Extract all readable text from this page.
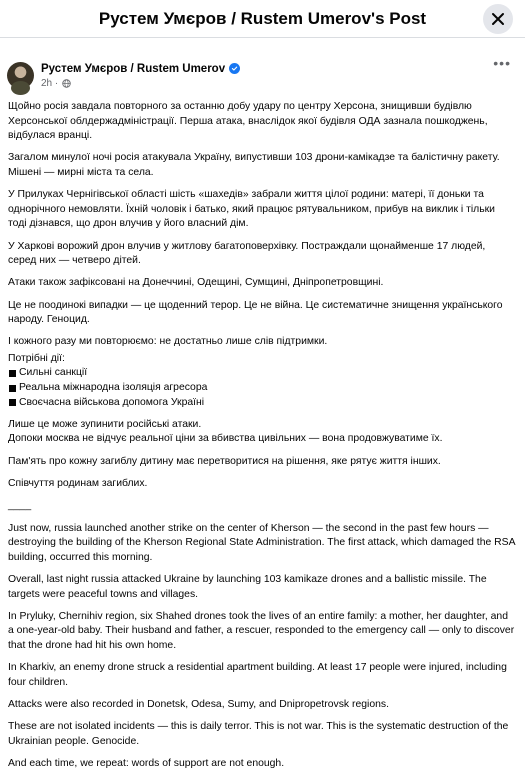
Рустем Умєров / Rustem Umerov's Post
Рустем Умєров / Rustem Umerov
2h ·
•••

Щойно росія завдала повторного за останню добу удару по центру Херсона, знищивши будівлю Херсонської облдержадміністрації. Перша атака, внаслідок якої будівля ОДА зазнала пошкоджень, відбулася вранці.

Загалом минулої ночі росія атакувала Україну, випустивши 103 дрони-камікадзе та балістичну ракету. Мішені — мирні міста та села.

У Прилуках Чернігівської області шість «шахедів» забрали життя цілої родини: матері, її доньки та однорічного немовляти. Їхній чоловік і батько, який працює рятувальником, прибув на виклик і тільки тоді дізнався, що дрон влучив у його власний дім.

У Харкові ворожий дрон влучив у житлову багатоповерхівку. Постраждали щонайменше 17 людей, серед них — четверо дітей.

Атаки також зафіксовані на Донеччині, Одещині, Сумщині, Дніпропетровщині.

Це не поодинокі випадки — це щоденний терор. Це не війна. Це систематичне знищення українського народу. Геноцид.

І кожного разу ми повторюємо: не достатньо лише слів підтримки.

Потрібні дії:

Сильні санкції
Реальна міжнародна ізоляція агресора
Своєчасна військова допомога Україні

Лише це може зупинити російські атаки.
Допоки москва не відчує реальної ціни за вбивства цивільних — вона продовжуватиме їх.

Пам'ять про кожну загиблу дитину має перетворитися на рішення, яке рятує життя інших.

Співчуття родинам загиблих.

____

Just now, russia launched another strike on the center of Kherson — the second in the past few hours — destroying the building of the Kherson Regional State Administration. The first attack, which damaged the RSA building, occurred this morning.

Overall, last night russia attacked Ukraine by launching 103 kamikaze drones and a ballistic missile. The targets were peaceful towns and villages.

In Pryluky, Chernihiv region, six Shahed drones took the lives of an entire family: a mother, her daughter, and a one-year-old baby. Their husband and father, a rescuer, responded to the emergency call — only to discover that the drone had hit his own home.

In Kharkiv, an enemy drone struck a residential apartment building. At least 17 people were injured, including four children.

Attacks were also recorded in Donetsk, Odesa, Sumy, and Dnipropetrovsk regions.

These are not isolated incidents — this is daily terror. This is not war. This is the systematic destruction of the Ukrainian people. Genocide.

And each time, we repeat: words of support are not enough.
